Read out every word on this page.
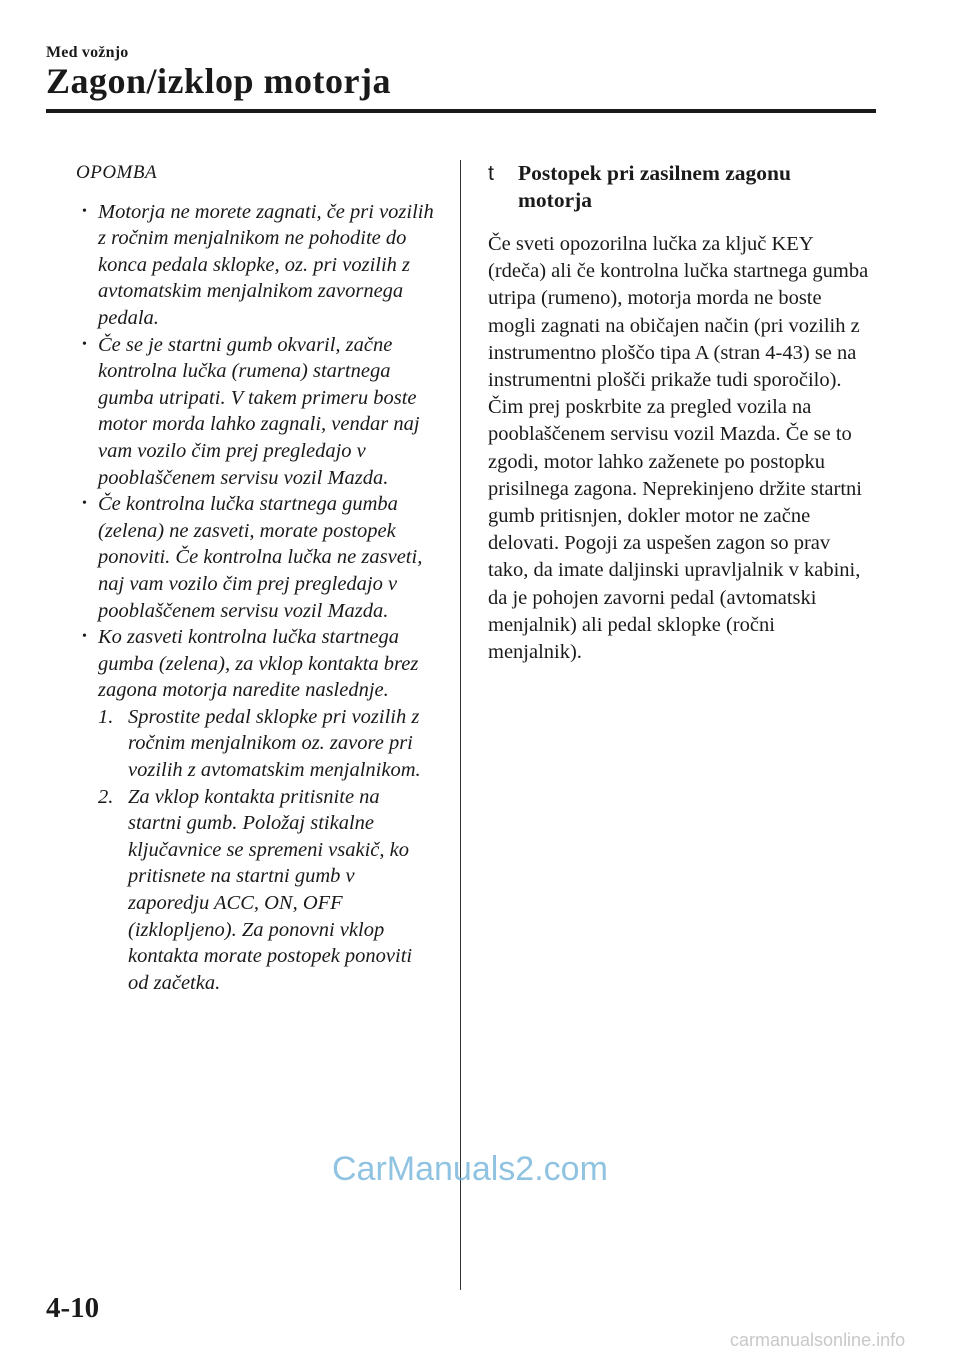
Med vožnjo
Zagon/izklop motorja
OPOMBA
• Motorja ne morete zagnati, če pri vozilih z ročnim menjalnikom ne pohodite do konca pedala sklopke, oz. pri vozilih z avtomatskim menjalnikom zavornega pedala.
• Če se je startni gumb okvaril, začne kontrolna lučka (rumena) startnega gumba utripati. V takem primeru boste motor morda lahko zagnali, vendar naj vam vozilo čim prej pregledajo v pooblaščenem servisu vozil Mazda.
• Če kontrolna lučka startnega gumba (zelena) ne zasveti, morate postopek ponoviti. Če kontrolna lučka ne zasveti, naj vam vozilo čim prej pregledajo v pooblaščenem servisu vozil Mazda.
• Ko zasveti kontrolna lučka startnega gumba (zelena), za vklop kontakta brez zagona motorja naredite naslednje.
1. Sprostite pedal sklopke pri vozilih z ročnim menjalnikom oz. zavore pri vozilih z avtomatskim menjalnikom.
2. Za vklop kontakta pritisnite na startni gumb. Položaj stikalne ključavnice se spremeni vsakič, ko pritisnete na startni gumb v zaporedju ACC, ON, OFF (izklopljeno). Za ponovni vklop kontakta morate postopek ponoviti od začetka.
t	Postopek pri zasilnem zagonu motorja
Če sveti opozorilna lučka za ključ KEY (rdeča) ali če kontrolna lučka startnega gumba utripa (rumeno), motorja morda ne boste mogli zagnati na običajen način (pri vozilih z instrumentno ploščo tipa A (stran 4-43) se na instrumentni plošči prikaže tudi sporočilo). Čim prej poskrbite za pregled vozila na pooblaščenem servisu vozil Mazda. Če se to zgodi, motor lahko zaženete po postopku prisilnega zagona. Neprekinjeno držite startni gumb pritisnjen, dokler motor ne začne delovati. Pogoji za uspešen zagon so prav tako, da imate daljinski upravljalnik v kabini, da je pohojen zavorni pedal (avtomatski menjalnik) ali pedal sklopke (ročni menjalnik).
CarManuals2.com
4-10
carmanualsonline.info
